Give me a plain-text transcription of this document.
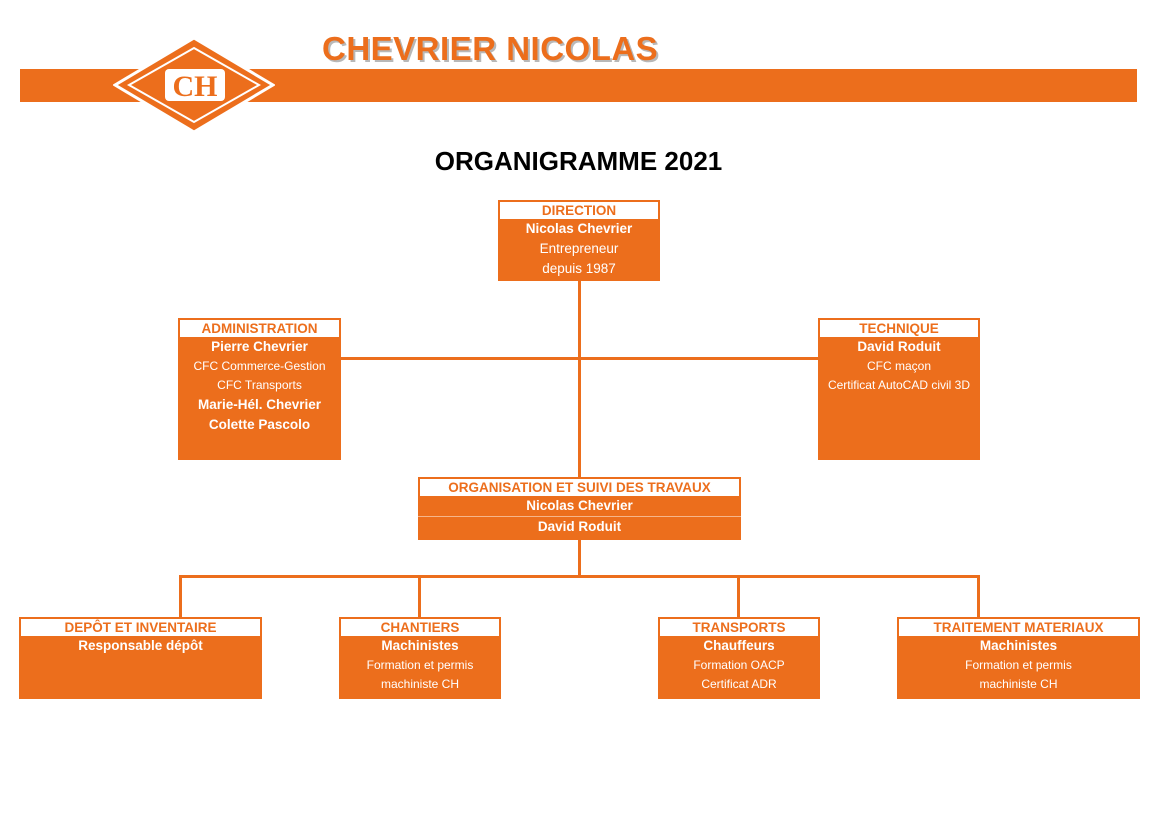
CHEVRIER NICOLAS
CH
ORGANIGRAMME 2021
DIRECTION
Nicolas Chevrier
Entrepreneur
depuis 1987
ADMINISTRATION
Pierre Chevrier
CFC Commerce-Gestion
CFC Transports
Marie-Hél. Chevrier
Colette Pascolo
TECHNIQUE
David Roduit
CFC maçon
Certificat AutoCAD civil 3D
ORGANISATION ET SUIVI DES TRAVAUX
Nicolas Chevrier
David Roduit
DEPÔT ET INVENTAIRE
Responsable dépôt
CHANTIERS
Machinistes
Formation et permis
machiniste CH
TRANSPORTS
Chauffeurs
Formation OACP
Certificat ADR
TRAITEMENT MATERIAUX
Machinistes
Formation et permis
machiniste CH
